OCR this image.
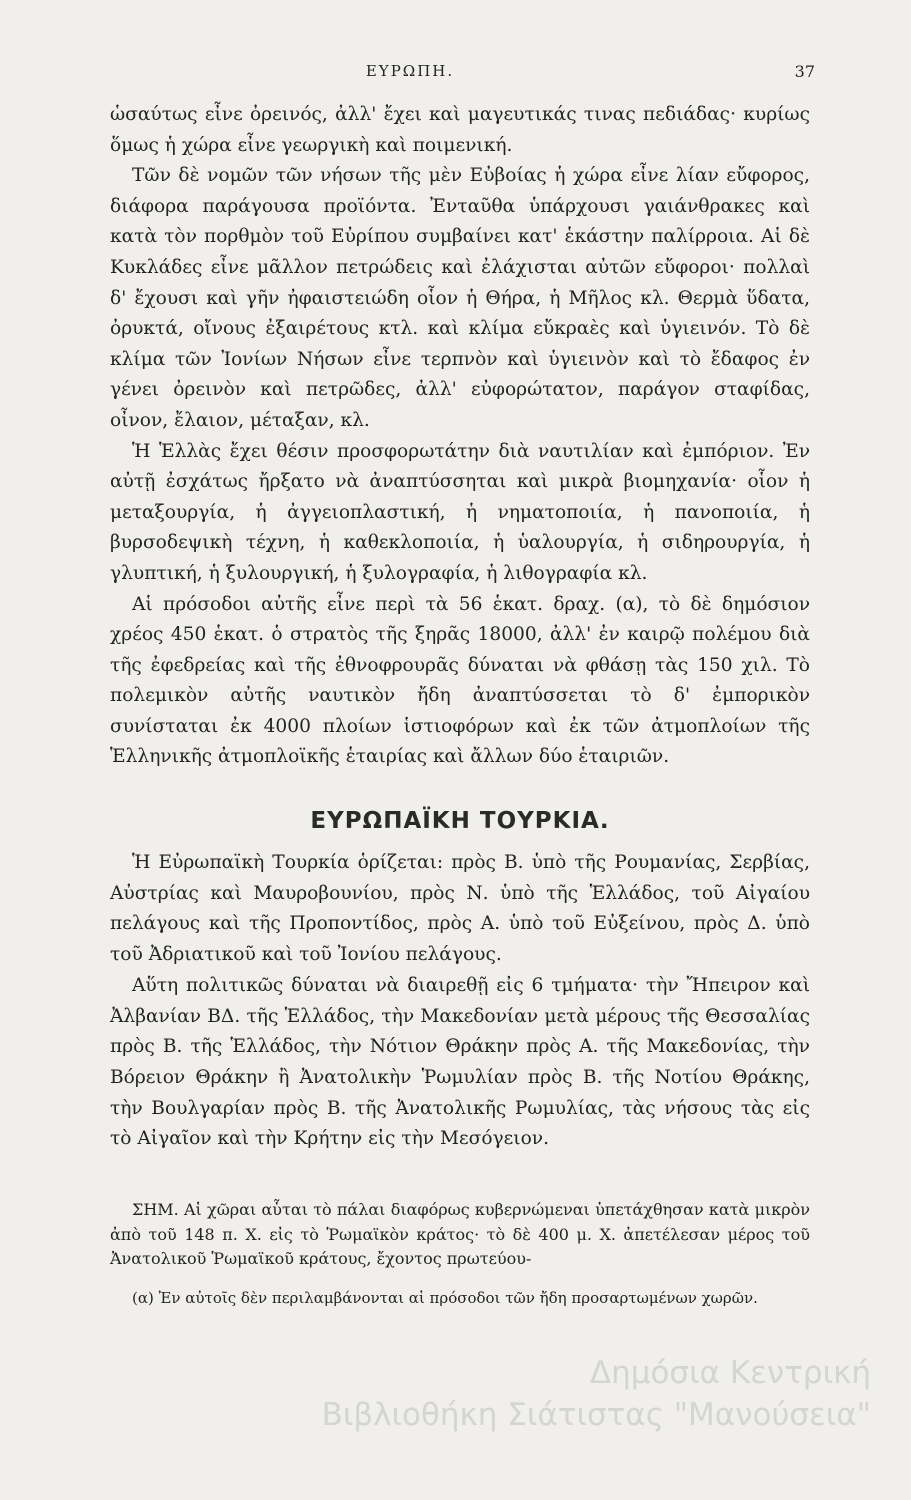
ΕΥΡΩΠΗ.	37

ὡσαύτως εἶνε ὀρεινός, ἀλλ' ἔχει καὶ μαγευτικάς τινας πεδιάδας· κυρίως ὅμως ἡ χώρα εἶνε γεωργικὴ καὶ ποιμενική.

Τῶν δὲ νομῶν τῶν νήσων τῆς μὲν Εὐβοίας ἡ χώρα εἶνε λίαν εὔφορος, διάφορα παράγουσα προϊόντα. Ἐνταῦθα ὑπάρχουσι γαιάνθρακες καὶ κατὰ τὸν πορθμὸν τοῦ Εὐρίπου συμβαίνει κατ' ἑκάστην παλίρροια. Αἱ δὲ Κυκλάδες εἶνε μᾶλλον πετρώδεις καὶ ἐλάχισται αὐτῶν εὔφοροι· πολλαὶ δ' ἔχουσι καὶ γῆν ἠφαιστειώδη οἷον ἡ Θήρα, ἡ Μῆλος κλ. Θερμὰ ὕδατα, ὀρυκτά, οἴνους ἐξαιρέτους κτλ. καὶ κλίμα εὔκραὲς καὶ ὑγιεινόν. Τὸ δὲ κλίμα τῶν Ἰονίων Νήσων εἶνε τερπνὸν καὶ ὑγιεινὸν καὶ τὸ ἔδαφος ἐν γένει ὀρεινὸν καὶ πετρῶδες, ἀλλ' εὐφορώτατον, παράγον σταφίδας, οἶνον, ἔλαιον, μέταξαν, κλ.

Ἡ Ἑλλὰς ἔχει θέσιν προσφορωτάτην διὰ ναυτιλίαν καὶ ἐμπόριον. Ἐν αὐτῇ ἐσχάτως ἤρξατο νὰ ἀναπτύσσηται καὶ μικρὰ βιομηχανία· οἷον ἡ μεταξουργία, ἡ ἀγγειοπλαστική, ἡ νηματοποιία, ἡ πανοποιία, ἡ βυρσοδεψικὴ τέχνη, ἡ καθεκλοποιία, ἡ ὑαλουργία, ἡ σιδηρουργία, ἡ γλυπτική, ἡ ξυλουργική, ἡ ξυλογραφία, ἡ λιθογραφία κλ.

Αἱ πρόσοδοι αὐτῆς εἶνε περὶ τὰ 56 ἑκατ. δραχ. (α), τὸ δὲ δημόσιον χρέος 450 ἑκατ. ὁ στρατὸς τῆς ξηρᾶς 18000, ἀλλ' ἐν καιρῷ πολέμου διὰ τῆς ἐφεδρείας καὶ τῆς ἐθνοφρουρᾶς δύναται νὰ φθάσῃ τὰς 150 χιλ. Τὸ πολεμικὸν αὐτῆς ναυτικὸν ἤδη ἀναπτύσσεται τὸ δ' ἐμπορικὸν συνίσταται ἐκ 4000 πλοίων ἱστιοφόρων καὶ ἐκ τῶν ἀτμοπλοίων τῆς Ἑλληνικῆς ἀτμοπλοϊκῆς ἑταιρίας καὶ ἄλλων δύο ἑταιριῶν.

ΕΥΡΩΠΑΪΚΗ ΤΟΥΡΚΙΑ.

Ἡ Εὐρωπαϊκὴ Τουρκία ὁρίζεται: πρὸς Β. ὑπὸ τῆς Ρουμανίας, Σερβίας, Αὐστρίας καὶ Μαυροβουνίου, πρὸς Ν. ὑπὸ τῆς Ἑλλάδος, τοῦ Αἰγαίου πελάγους καὶ τῆς Προποντίδος, πρὸς Α. ὑπὸ τοῦ Εὐξείνου, πρὸς Δ. ὑπὸ τοῦ Ἀδριατικοῦ καὶ τοῦ Ἰονίου πελάγους.

Αὕτη πολιτικῶς δύναται νὰ διαιρεθῇ εἰς 6 τμήματα· τὴν Ἤπειρον καὶ Ἀλβανίαν ΒΔ. τῆς Ἑλλάδος, τὴν Μακεδονίαν μετὰ μέρους τῆς Θεσσαλίας πρὸς Β. τῆς Ἑλλάδος, τὴν Νότιον Θράκην πρὸς Α. τῆς Μακεδονίας, τὴν Βόρειον Θράκην ἢ Ἀνατολικὴν Ῥωμυλίαν πρὸς Β. τῆς Νοτίου Θράκης, τὴν Βουλγαρίαν πρὸς Β. τῆς Ἀνατολικῆς Ρωμυλίας, τὰς νήσους τὰς εἰς τὸ Αἰγαῖον καὶ τὴν Κρήτην εἰς τὴν Μεσόγειον.

ΣΗΜ. Αἱ χῶραι αὗται τὸ πάλαι διαφόρως κυβερνώμεναι ὑπετάχθησαν κατὰ μικρὸν ἀπὸ τοῦ 148 π. Χ. εἰς τὸ Ῥωμαϊκὸν κράτος· τὸ δὲ 400 μ. Χ. ἀπετέλεσαν μέρος τοῦ Ἀνατολικοῦ Ῥωμαϊκοῦ κράτους, ἔχοντος πρωτεύου-

(α) Ἐν αὐτοῖς δὲν περιλαμβάνονται αἱ πρόσοδοι τῶν ἤδη προσαρτωμένων χωρῶν.

Δημόσια Κεντρική
Βιβλιοθήκη Σιάτιστας "Μανούσεια"
